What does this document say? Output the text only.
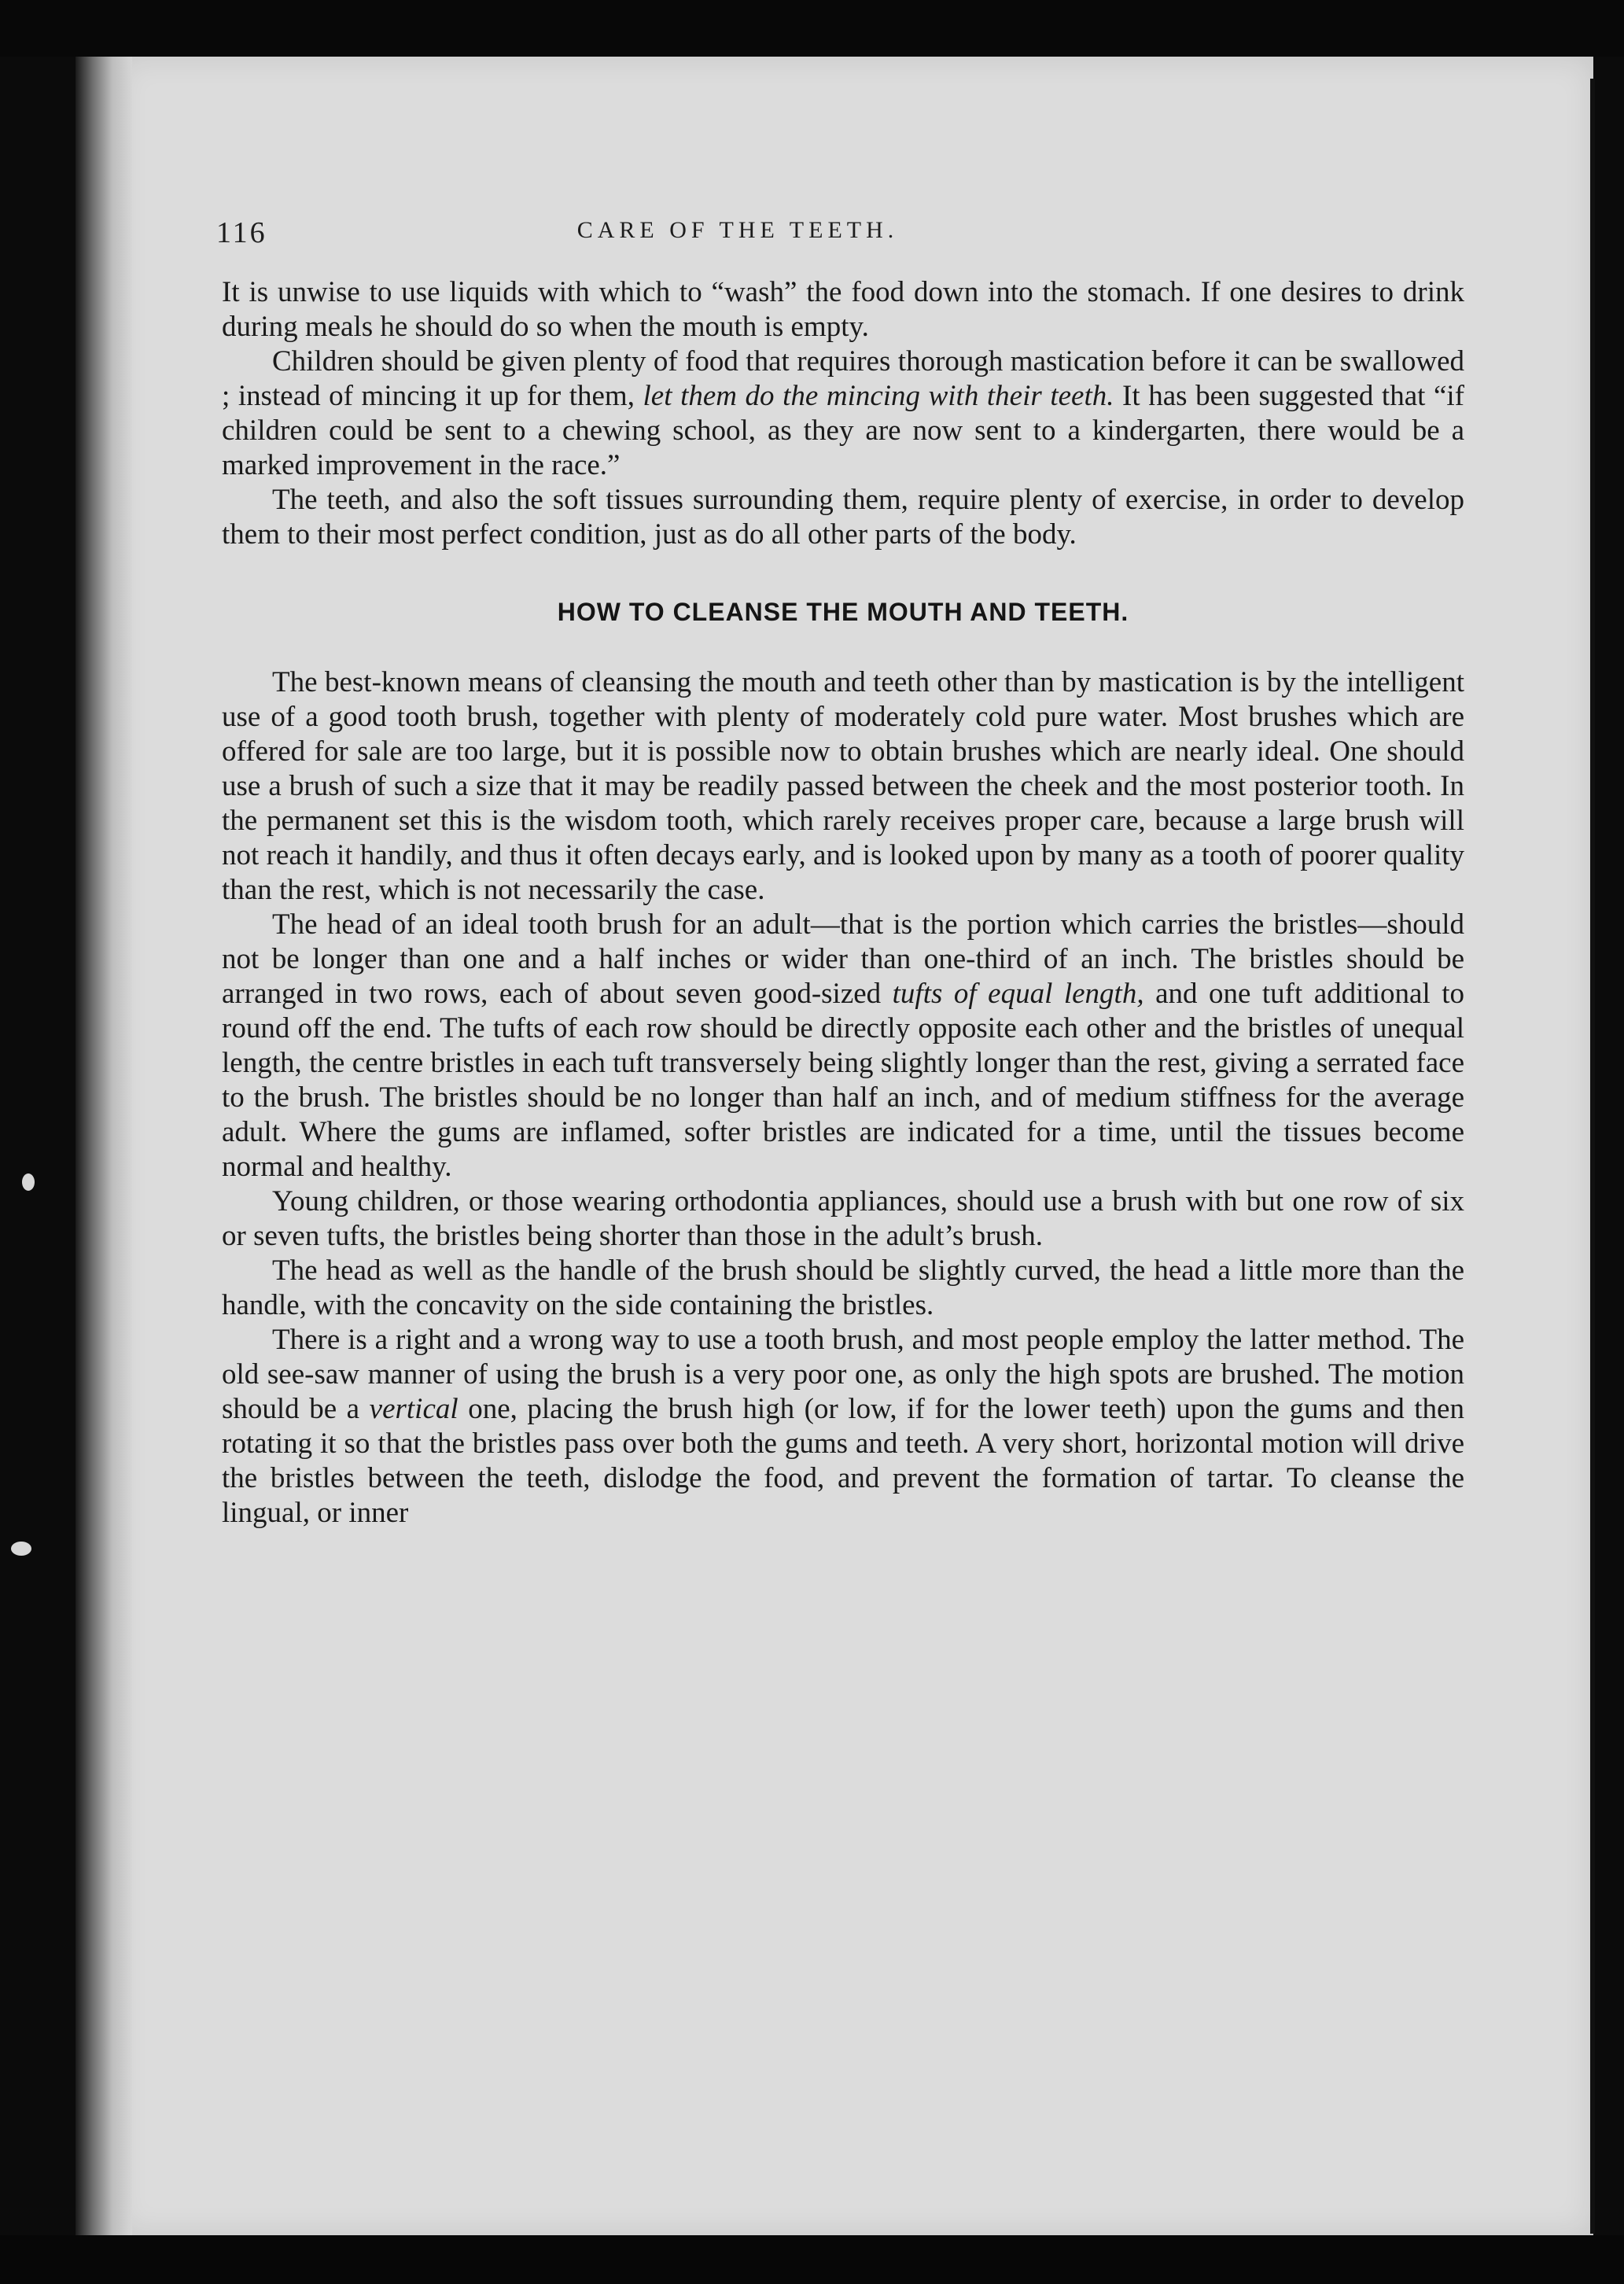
116	CARE OF THE TEETH.

It is unwise to use liquids with which to “wash” the food down into the stomach. If one desires to drink during meals he should do so when the mouth is empty.

Children should be given plenty of food that requires thorough mastication before it can be swallowed ; instead of mincing it up for them, let them do the mincing with their teeth. It has been suggested that “if children could be sent to a chewing school, as they are now sent to a kindergarten, there would be a marked improvement in the race.”

The teeth, and also the soft tissues surrounding them, require plenty of exercise, in order to develop them to their most perfect condition, just as do all other parts of the body.

HOW TO CLEANSE THE MOUTH AND TEETH.

The best-known means of cleansing the mouth and teeth other than by mastication is by the intelligent use of a good tooth brush, together with plenty of moderately cold pure water. Most brushes which are offered for sale are too large, but it is possible now to obtain brushes which are nearly ideal. One should use a brush of such a size that it may be readily passed between the cheek and the most posterior tooth. In the permanent set this is the wisdom tooth, which rarely receives proper care, because a large brush will not reach it handily, and thus it often decays early, and is looked upon by many as a tooth of poorer quality than the rest, which is not necessarily the case.

The head of an ideal tooth brush for an adult—that is the portion which carries the bristles—should not be longer than one and a half inches or wider than one-third of an inch. The bristles should be arranged in two rows, each of about seven good-sized tufts of equal length, and one tuft additional to round off the end. The tufts of each row should be directly opposite each other and the bristles of unequal length, the centre bristles in each tuft transversely being slightly longer than the rest, giving a serrated face to the brush. The bristles should be no longer than half an inch, and of medium stiffness for the average adult. Where the gums are inflamed, softer bristles are indicated for a time, until the tissues become normal and healthy.

Young children, or those wearing orthodontia appliances, should use a brush with but one row of six or seven tufts, the bristles being shorter than those in the adult’s brush.

The head as well as the handle of the brush should be slightly curved, the head a little more than the handle, with the concavity on the side containing the bristles.

There is a right and a wrong way to use a tooth brush, and most people employ the latter method. The old see-saw manner of using the brush is a very poor one, as only the high spots are brushed. The motion should be a vertical one, placing the brush high (or low, if for the lower teeth) upon the gums and then rotating it so that the bristles pass over both the gums and teeth. A very short, horizontal motion will drive the bristles between the teeth, dislodge the food, and prevent the formation of tartar. To cleanse the lingual, or inner
